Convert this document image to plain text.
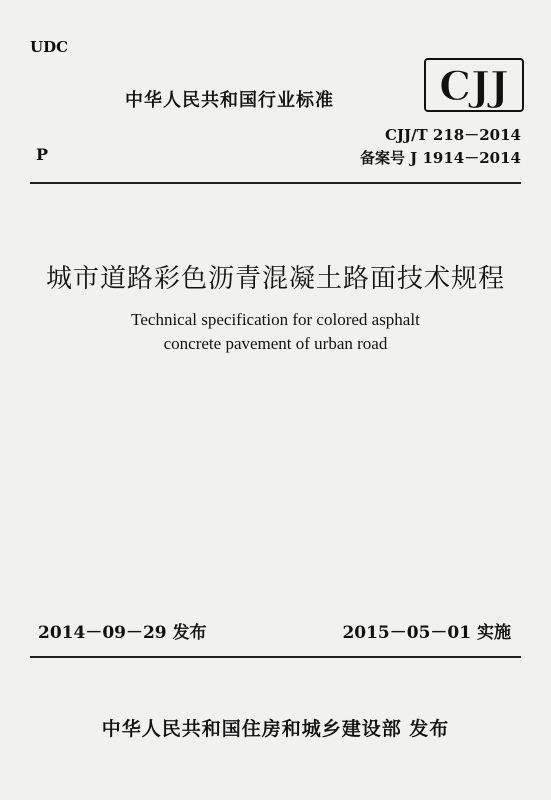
UDC
中华人民共和国行业标准	CJJ
CJJ/T 218－2014
P	备案号 J 1914－2014
城市道路彩色沥青混凝土路面技术规程
Technical specification for colored asphalt
concrete pavement of urban road
2014－09－29 发布	2015－05－01 实施
中华人民共和国住房和城乡建设部 发布
